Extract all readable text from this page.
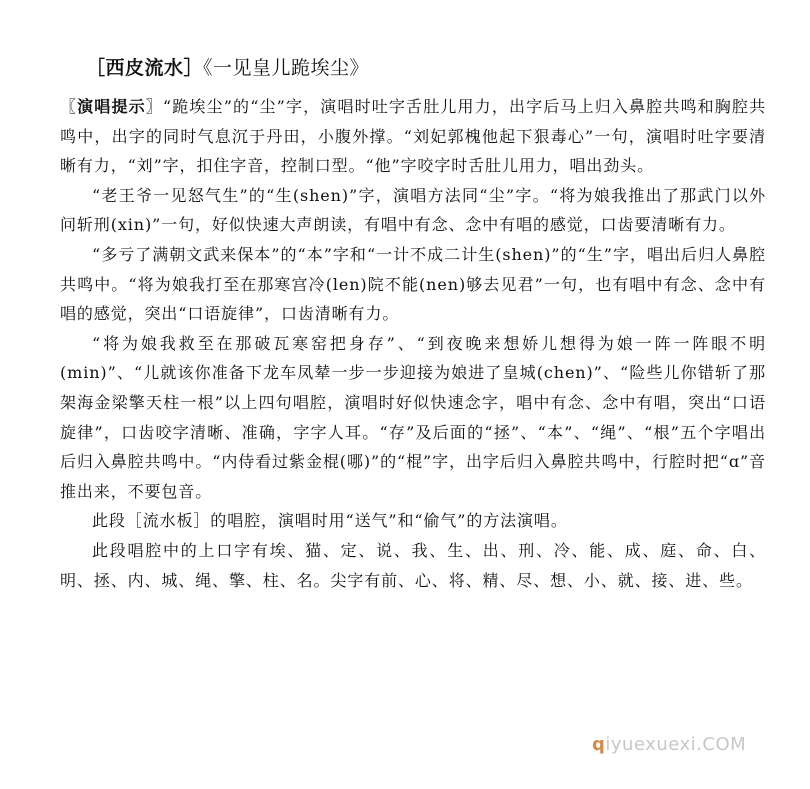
［西皮流水］《一见皇儿跪埃尘》

〖演唱提示〗“跪埃尘”的“尘”字，演唱时吐字舌肚儿用力，出字后马上归入鼻腔共鸣和胸腔共鸣中，出字的同时气息沉于丹田，小腹外撑。“刘妃郭槐他起下狠毒心”一句，演唱时吐字要清晰有力，“刘”字，扣住字音，控制口型。“他”字咬字时舌肚儿用力，唱出劲头。

“老王爷一见怒气生”的“生(shen)”字，演唱方法同“尘”字。“将为娘我推出了那武门以外问斩刑(xin)”一句，好似快速大声朗读，有唱中有念、念中有唱的感觉，口齿要清晰有力。

“多亏了满朝文武来保本”的“本”字和“一计不成二计生(shen)”的“生”字，唱出后归人鼻腔共鸣中。“将为娘我打至在那寒宫冷(len)院不能(nen)够去见君”一句，也有唱中有念、念中有唱的感觉，突出“口语旋律”，口齿清晰有力。

“将为娘我救至在那破瓦寒窑把身存”、“到夜晚来想娇儿想得为娘一阵一阵眼不明(min)”、“儿就该你准备下龙车凤辇一步一步迎接为娘进了皇城(chen)”、“险些儿你错斩了那架海金梁擎天柱一根”以上四句唱腔，演唱时好似快速念字，唱中有念、念中有唱，突出“口语旋律”，口齿咬字清晰、准确，字字人耳。“存”及后面的“拯”、“本”、“绳”、“根”五个字唱出后归入鼻腔共鸣中。“内侍看过紫金棍(哪)”的“棍”字，出字后归入鼻腔共鸣中，行腔时把“ɑ”音推出来，不要包音。

此段［流水板］的唱腔，演唱时用“送气”和“偷气”的方法演唱。

此段唱腔中的上口字有埃、猫、定、说、我、生、出、刑、冷、能、成、庭、命、白、明、拯、内、城、绳、擎、柱、名。尖字有前、心、将、精、尽、想、小、就、接、进、些。

qiyuexuexi.COM
